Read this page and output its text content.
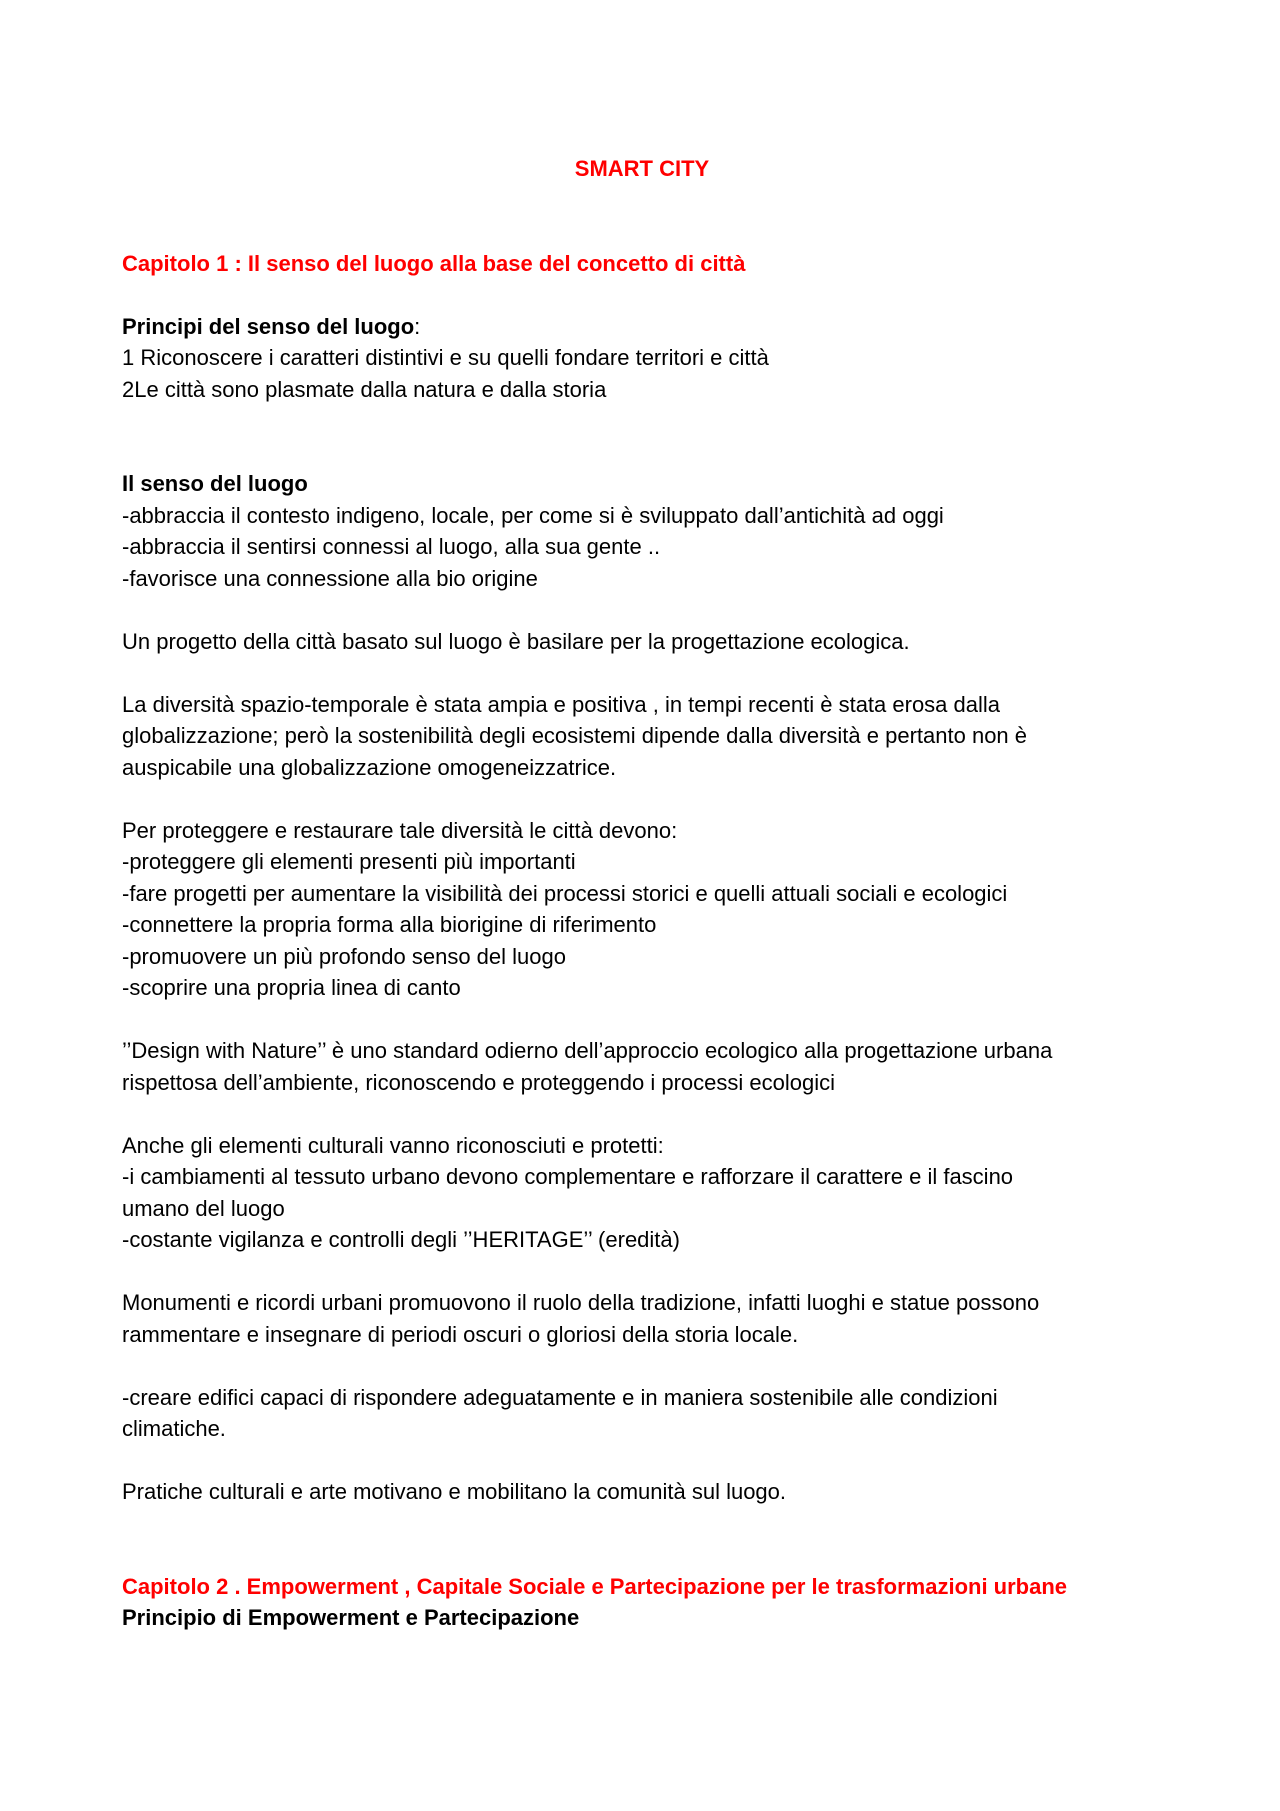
SMART CITY

Capitolo 1 : Il senso del luogo alla base del concetto di città

Principi del senso del luogo:

1 Riconoscere i caratteri distintivi e su quelli fondare territori e città

2Le città sono plasmate dalla natura e dalla storia

Il senso del luogo

-abbraccia il contesto indigeno, locale, per come si è sviluppato dall’antichità ad oggi

-abbraccia il sentirsi connessi al luogo, alla sua gente ..

-favorisce una connessione alla bio origine

Un progetto della città basato sul luogo è basilare per la progettazione ecologica.

La diversità spazio-temporale è stata ampia e positiva , in tempi recenti è stata erosa dalla

globalizzazione; però la sostenibilità degli ecosistemi dipende dalla diversità e pertanto non è

auspicabile una globalizzazione omogeneizzatrice.

Per proteggere e restaurare tale diversità le città devono:

-proteggere gli elementi presenti più importanti

-fare progetti per aumentare la visibilità dei processi storici e quelli attuali sociali e ecologici

-connettere la propria forma alla biorigine di riferimento

-promuovere un più profondo senso del luogo

-scoprire una propria linea di canto

’’Design with Nature’’ è uno standard odierno dell’approccio ecologico alla progettazione urbana

rispettosa dell’ambiente, riconoscendo e proteggendo i processi ecologici

Anche gli elementi culturali vanno riconosciuti e protetti:

-i cambiamenti al tessuto urbano devono complementare e rafforzare il carattere e il fascino

umano del luogo

-costante vigilanza e controlli degli ’’HERITAGE’’ (eredità)

Monumenti e ricordi urbani promuovono il ruolo della tradizione, infatti luoghi e statue possono

rammentare e insegnare di periodi oscuri o gloriosi della storia locale.

-creare edifici capaci di rispondere adeguatamente e in maniera sostenibile alle condizioni

climatiche.

Pratiche culturali e arte motivano e mobilitano la comunità sul luogo.

Capitolo 2 . Empowerment , Capitale Sociale e Partecipazione per le trasformazioni urbane

Principio di Empowerment e Partecipazione
